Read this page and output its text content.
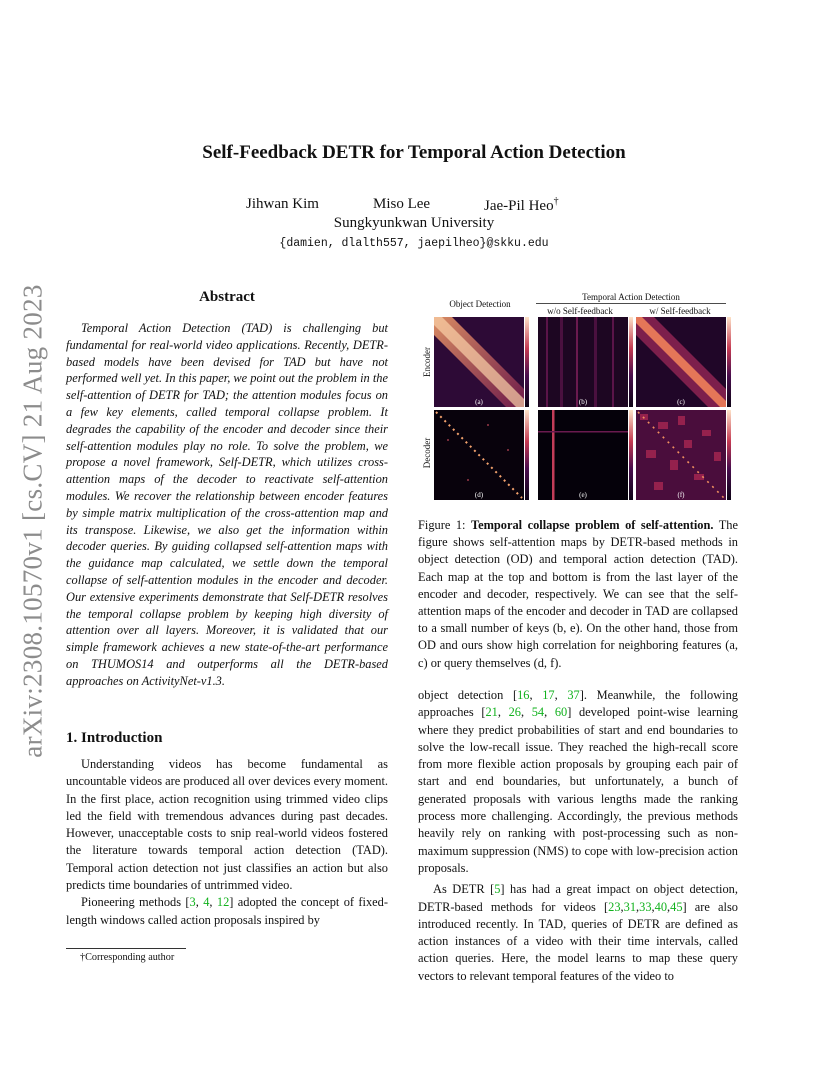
arXiv:2308.10570v1 [cs.CV] 21 Aug 2023
Self-Feedback DETR for Temporal Action Detection
Jihwan Kim	Miso Lee	Jae-Pil Heo†
Sungkyunkwan University
{damien, dlalth557, jaepilheo}@skku.edu
Abstract

Temporal Action Detection (TAD) is challenging but fundamental for real-world video applications. Recently, DETR-based models have been devised for TAD but have not performed well yet. In this paper, we point out the problem in the self-attention of DETR for TAD; the attention modules focus on a few key elements, called temporal collapse problem. It degrades the capability of the encoder and decoder since their self-attention modules play no role. To solve the problem, we propose a novel framework, Self-DETR, which utilizes cross-attention maps of the decoder to reactivate self-attention modules. We recover the relationship between encoder features by simple matrix multiplication of the cross-attention map and its transpose. Likewise, we also get the information within decoder queries. By guiding collapsed self-attention maps with the guidance map calculated, we settle down the temporal collapse of self-attention modules in the encoder and decoder. Our extensive experiments demonstrate that Self-DETR resolves the temporal collapse problem by keeping high diversity of attention over all layers. Moreover, it is validated that our simple framework achieves a new state-of-the-art performance on THUMOS14 and outperforms all the DETR-based approaches on ActivityNet-v1.3.

1. Introduction

Understanding videos has become fundamental as uncountable videos are produced all over devices every moment. In the first place, action recognition using trimmed video clips led the field with tremendous advances during past decades. However, unacceptable costs to snip real-world videos fostered the literature towards temporal action detection (TAD). Temporal action detection not just classifies an action but also predicts time boundaries of untrimmed video.

Pioneering methods [3, 4, 12] adopted the concept of fixed-length windows called action proposals inspired by

†Corresponding author
Object Detection
Temporal Action Detection
w/o Self-feedback	w/ Self-feedback
Encoder
Decoder
(a)	(b)	(c)
(d)	(e)	(f)
Figure 1: Temporal collapse problem of self-attention. The figure shows self-attention maps by DETR-based methods in object detection (OD) and temporal action detection (TAD). Each map at the top and bottom is from the last layer of the encoder and decoder, respectively. We can see that the self-attention maps of the encoder and decoder in TAD are collapsed to a small number of keys (b, e). On the other hand, those from OD and ours show high correlation for neighboring features (a, c) or query themselves (d, f).

object detection [16, 17, 37]. Meanwhile, the following approaches [21, 26, 54, 60] developed point-wise learning where they predict probabilities of start and end boundaries to solve the low-recall issue. They reached the high-recall score from more flexible action proposals by grouping each pair of start and end boundaries, but unfortunately, a bunch of generated proposals with various lengths made the ranking process more challenging. Accordingly, the previous methods heavily rely on ranking with post-processing such as non-maximum suppression (NMS) to cope with low-precision action proposals.

As DETR [5] has had a great impact on object detection, DETR-based methods for videos [23,31,33,40,45] are also introduced recently. In TAD, queries of DETR are defined as action instances of a video with their time intervals, called action queries. Here, the model learns to map these query vectors to relevant temporal features of the video to
